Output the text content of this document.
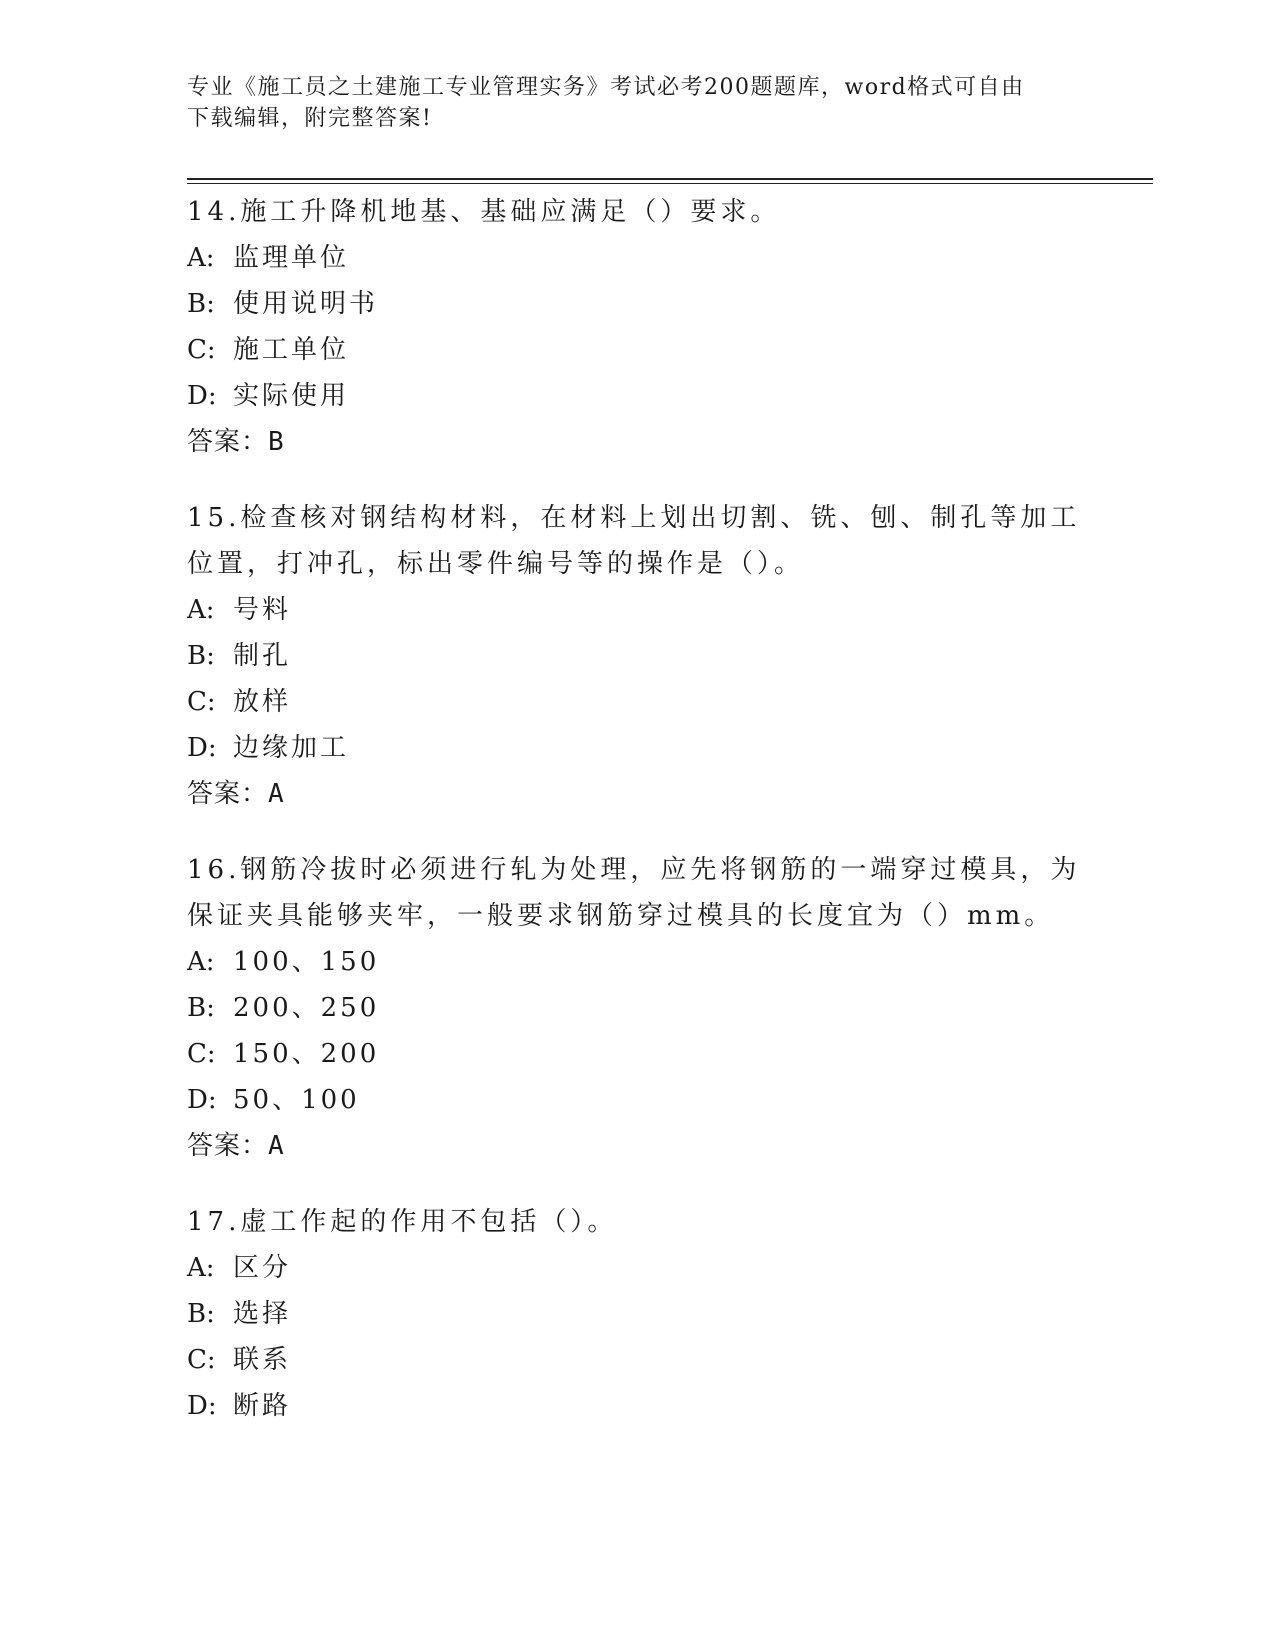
专业《施工员之土建施工专业管理实务》考试必考200题题库，word格式可自由
下载编辑，附完整答案!
14.施工升降机地基、基础应满足（）要求。
A: 监理单位
B: 使用说明书
C: 施工单位
D: 实际使用
答案：B
15.检查核对钢结构材料，在材料上划出切割、铣、刨、制孔等加工位置，打冲孔，标出零件编号等的操作是（）。
A: 号料
B: 制孔
C: 放样
D: 边缘加工
答案：A
16.钢筋冷拔时必须进行轧为处理，应先将钢筋的一端穿过模具，为保证夹具能够夹牢，一般要求钢筋穿过模具的长度宜为（）mm。
A: 100、150
B: 200、250
C: 150、200
D: 50、100
答案：A
17.虚工作起的作用不包括（）。
A: 区分
B: 选择
C: 联系
D: 断路
